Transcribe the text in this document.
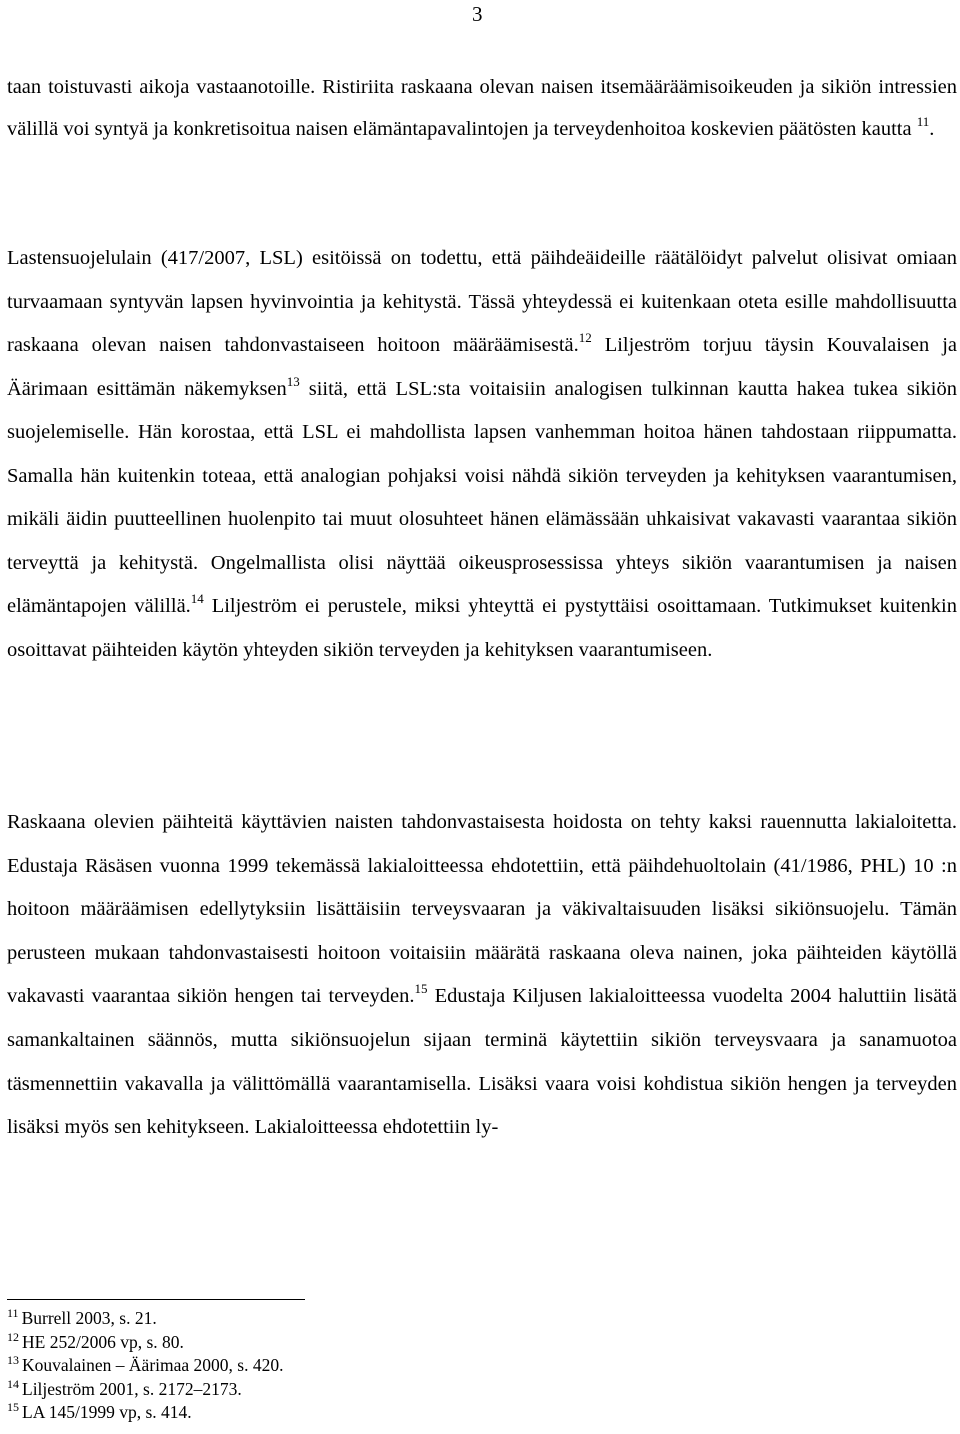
3

taan toistuvasti aikoja vastaanotoille. Ristiriita raskaana olevan naisen itsemääräämisoikeuden ja sikiön intressien välillä voi syntyä ja konkretisoitua naisen elämäntapavalintojen ja terveydenhoitoa koskevien päätösten kautta $^{11}$.

Lastensuojelulain (417/2007, LSL) esitöissä on todettu, että päihdeäideille räätälöidyt palvelut olisivat omiaan turvaamaan syntyvän lapsen hyvinvointia ja kehitystä. Tässä yhteydessä ei kuitenkaan oteta esille mahdollisuutta raskaana olevan naisen tahdonvastaiseen hoitoon määräämisestä.$^{12}$ Liljeström torjuu täysin Kouvalaisen ja Äärimaan esittämän näkemyksen$^{13}$ siitä, että LSL:sta voitaisiin analogisen tulkinnan kautta hakea tukea sikiön suojelemiselle. Hän korostaa, että LSL ei mahdollista lapsen vanhemman hoitoa hänen tahdostaan riippumatta. Samalla hän kuitenkin toteaa, että analogian pohjaksi voisi nähdä sikiön terveyden ja kehityksen vaarantumisen, mikäli äidin puutteellinen huolenpito tai muut olosuhteet hänen elämässään uhkaisivat vakavasti vaarantaa sikiön terveyttä ja kehitystä. Ongelmallista olisi näyttää oikeusprosessissa yhteys sikiön vaarantumisen ja naisen elämäntapojen välillä.$^{14}$ Liljeström ei perustele, miksi yhteyttä ei pystyttäisi osoittamaan. Tutkimukset kuitenkin osoittavat päihteiden käytön yhteyden sikiön terveyden ja kehityksen vaarantumiseen.

Raskaana olevien päihteitä käyttävien naisten tahdonvastaisesta hoidosta on tehty kaksi rauennutta lakialoitetta. Edustaja Räsäsen vuonna 1999 tekemässä lakialoitteessa ehdotettiin, että päihdehuoltolain (41/1986, PHL) 10 :n hoitoon määräämisen edellytyksiin lisättäisiin terveysvaaran ja väkivaltaisuuden lisäksi sikiönsuojelu. Tämän perusteen mukaan tahdonvastaisesti hoitoon voitaisiin määrätä raskaana oleva nainen, joka päihteiden käytöllä vakavasti vaarantaa sikiön hengen tai terveyden.$^{15}$ Edustaja Kiljusen lakialoitteessa vuodelta 2004 haluttiin lisätä samankaltainen säännös, mutta sikiönsuojelun sijaan terminä käytettiin sikiön terveysvaara ja sanamuotoa täsmennettiin vakavalla ja välittömällä vaarantamisella. Lisäksi vaara voisi kohdistua sikiön hengen ja terveyden lisäksi myös sen kehitykseen. Lakialoitteessa ehdotettiin ly-

$^{11}$ Burrell 2003, s. 21.
$^{12}$ HE 252/2006 vp, s. 80.
$^{13}$ Kouvalainen – Äärimaa 2000, s. 420.
$^{14}$ Liljeström 2001, s. 2172–2173.
$^{15}$ LA 145/1999 vp, s. 414.
